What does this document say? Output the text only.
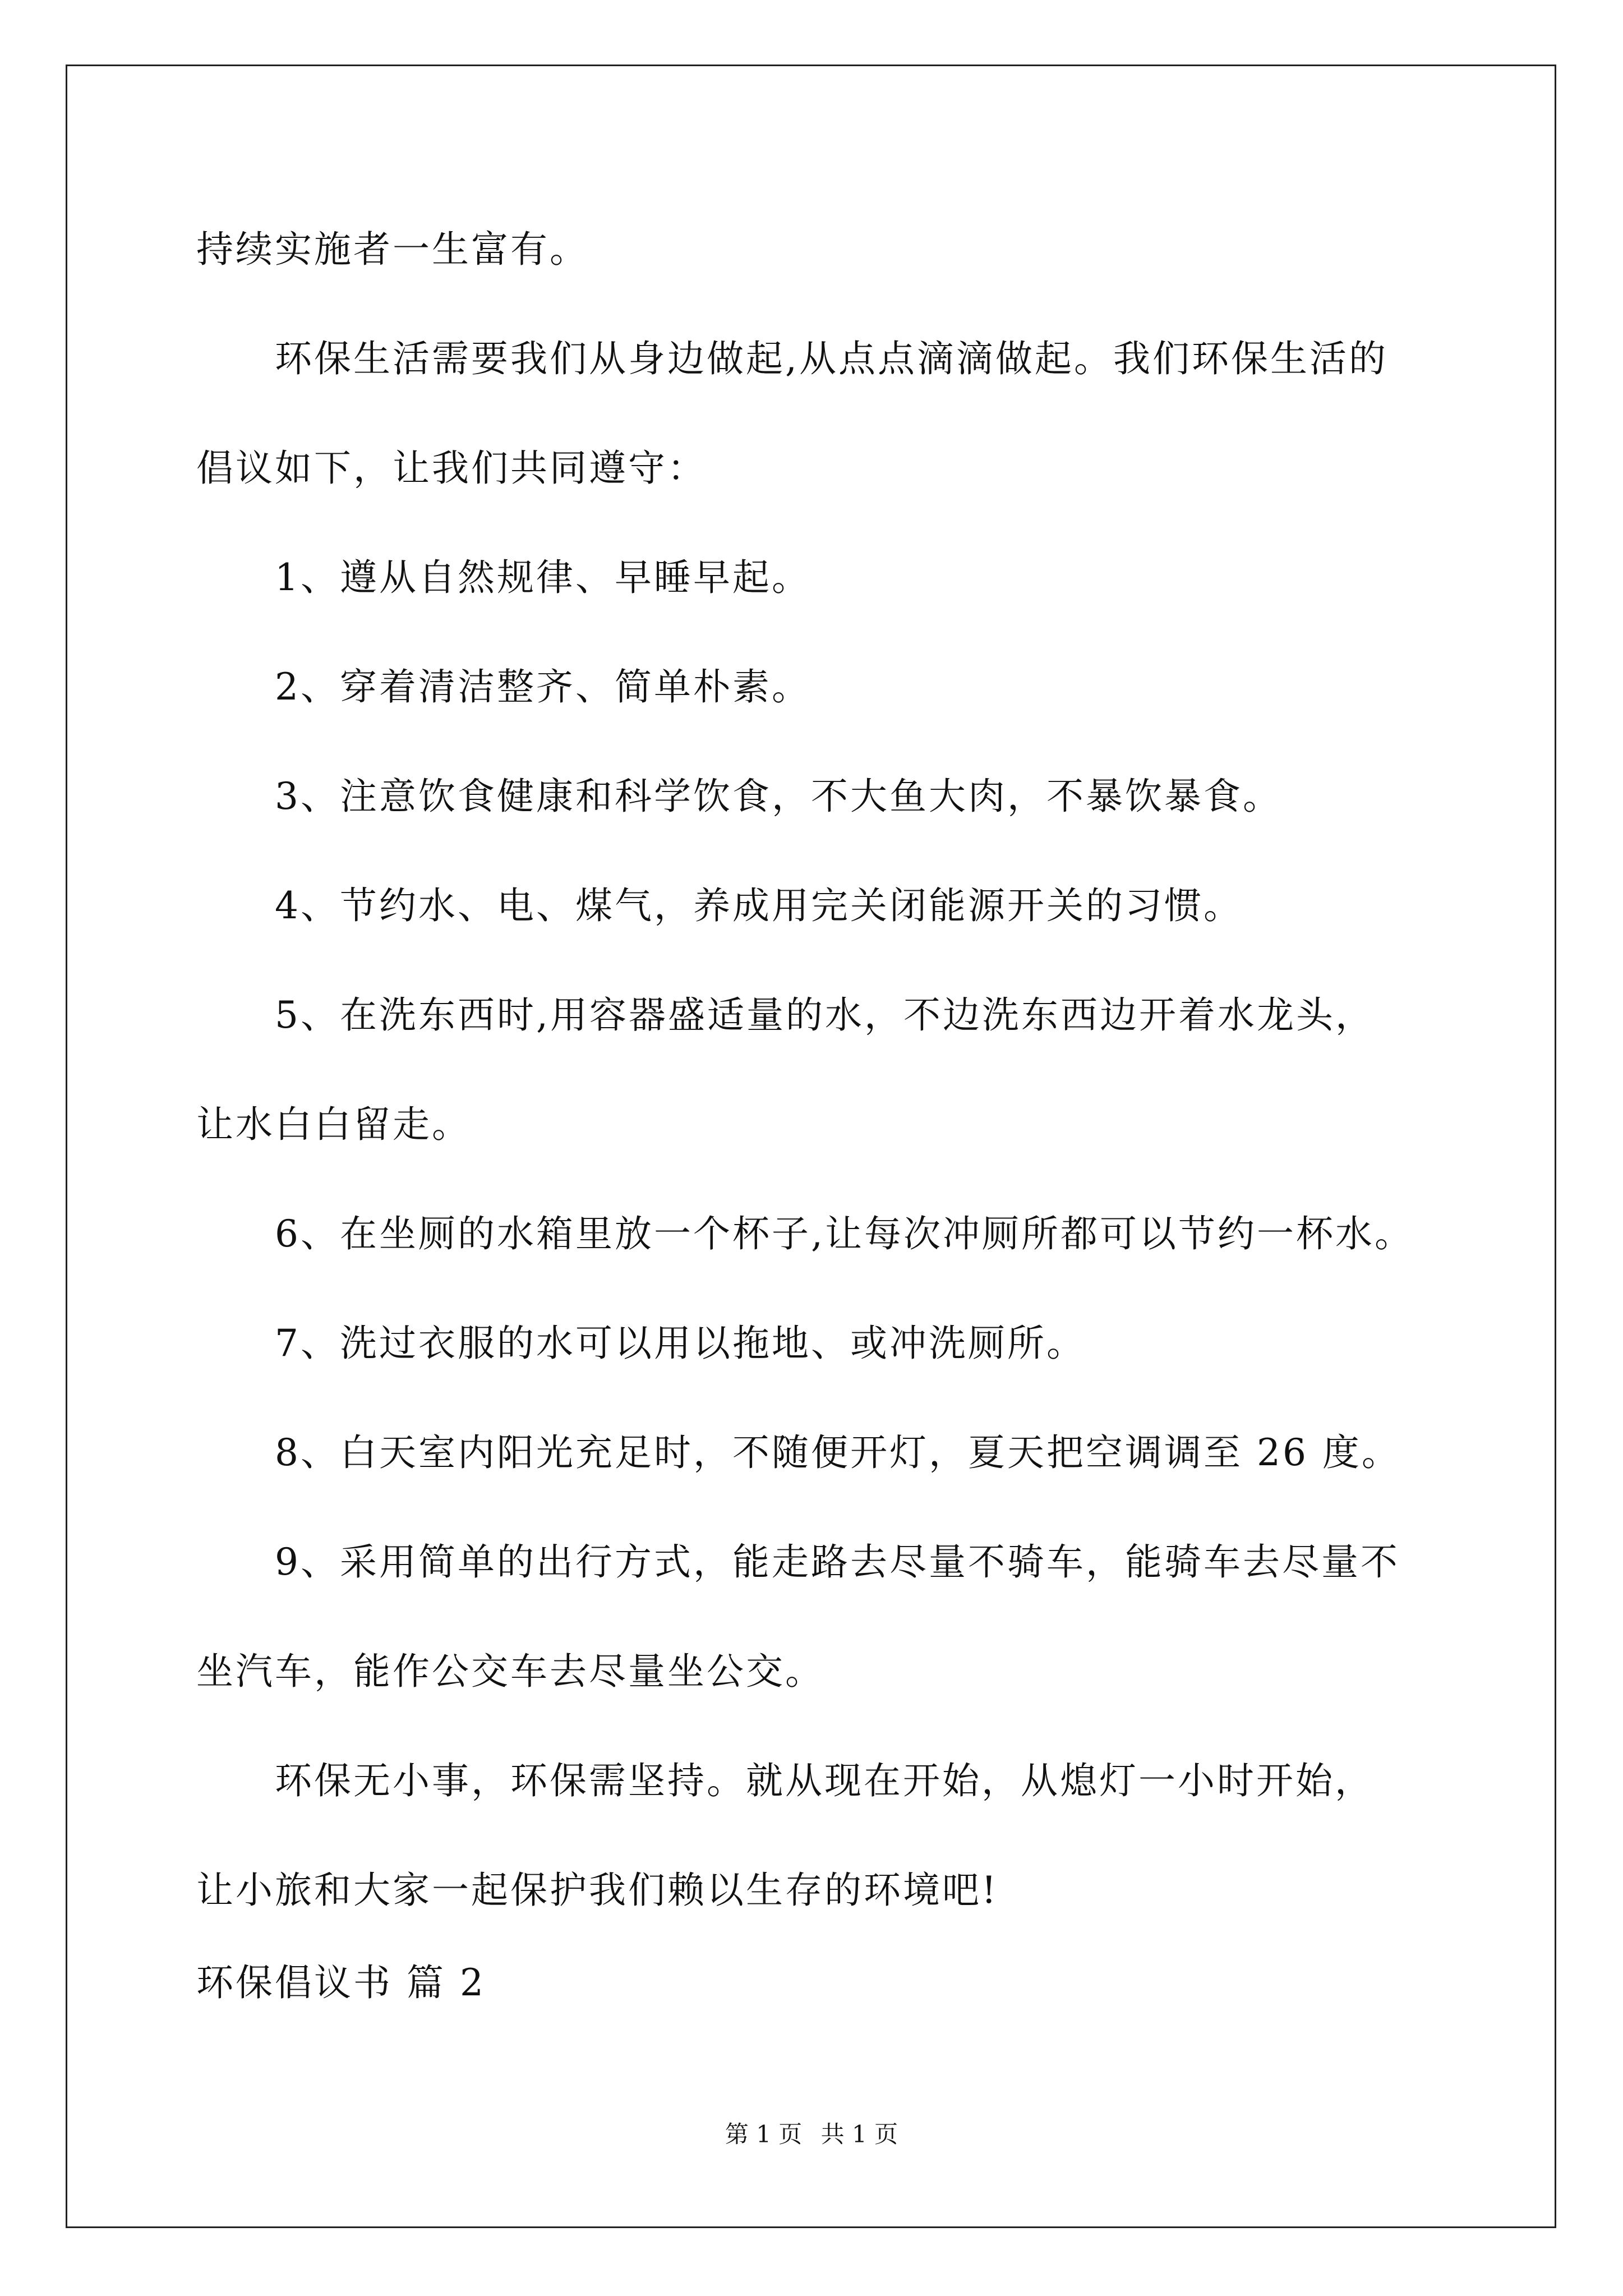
持续实施者一生富有。
环保生活需要我们从身边做起,从点点滴滴做起。我们环保生活的
倡议如下，让我们共同遵守：
1、遵从自然规律、早睡早起。
2、穿着清洁整齐、简单朴素。
3、注意饮食健康和科学饮食，不大鱼大肉，不暴饮暴食。
4、节约水、电、煤气，养成用完关闭能源开关的习惯。
5、在洗东西时,用容器盛适量的水，不边洗东西边开着水龙头，
让水白白留走。
6、在坐厕的水箱里放一个杯子,让每次冲厕所都可以节约一杯水。
7、洗过衣服的水可以用以拖地、或冲洗厕所。
8、白天室内阳光充足时，不随便开灯，夏天把空调调至 26 度。
9、采用简单的出行方式，能走路去尽量不骑车，能骑车去尽量不
坐汽车，能作公交车去尽量坐公交。
环保无小事，环保需坚持。就从现在开始，从熄灯一小时开始，
让小旅和大家一起保护我们赖以生存的环境吧!
环保倡议书 篇 2
第 1 页 共 1 页
